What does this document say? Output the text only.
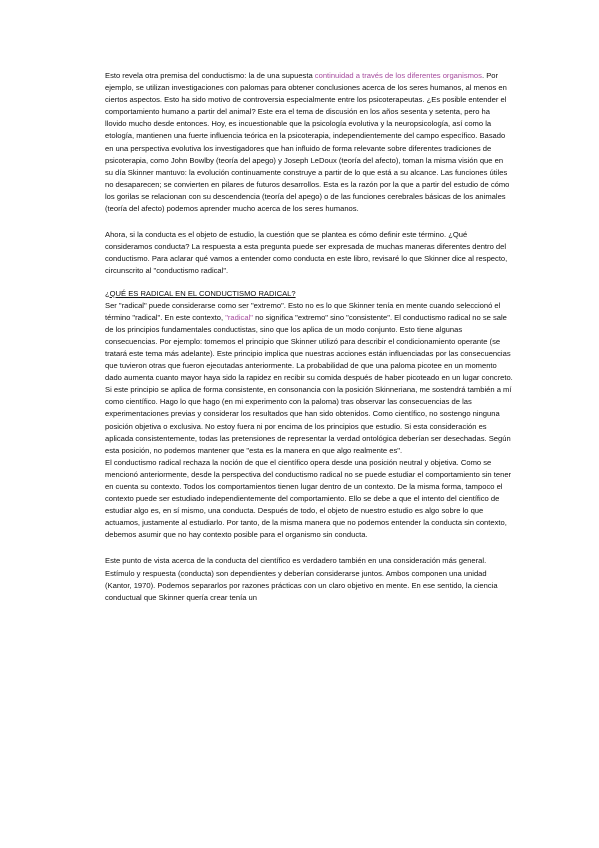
Esto revela otra premisa del conductismo: la de una supuesta continuidad a través de los diferentes organismos. Por ejemplo, se utilizan investigaciones con palomas para obtener conclusiones acerca de los seres humanos, al menos en ciertos aspectos. Esto ha sido motivo de controversia especialmente entre los psicoterapeutas. ¿Es posible entender el comportamiento humano a partir del animal? Este era el tema de discusión en los años sesenta y setenta, pero ha llovido mucho desde entonces. Hoy, es incuestionable que la psicología evolutiva y la neuropsicología, así como la etología, mantienen una fuerte influencia teórica en la psicoterapia, independientemente del campo específico. Basado en una perspectiva evolutiva los investigadores que han influido de forma relevante sobre diferentes tradiciones de psicoterapia, como John Bowlby (teoría del apego) y Joseph LeDoux (teoría del afecto), toman la misma visión que en su día Skinner mantuvo: la evolución continuamente construye a partir de lo que está a su alcance. Las funciones útiles no desaparecen; se convierten en pilares de futuros desarrollos. Esta es la razón por la que a partir del estudio de cómo los gorilas se relacionan con su descendencia (teoría del apego) o de las funciones cerebrales básicas de los animales (teoría del afecto) podemos aprender mucho acerca de los seres humanos.

Ahora, si la conducta es el objeto de estudio, la cuestión que se plantea es cómo definir este término. ¿Qué consideramos conducta? La respuesta a esta pregunta puede ser expresada de muchas maneras diferentes dentro del conductismo. Para aclarar qué vamos a entender como conducta en este libro, revisaré lo que Skinner dice al respecto, circunscrito al "conductismo radical".

¿QUÉ ES RADICAL EN EL CONDUCTISMO RADICAL?

Ser "radical" puede considerarse como ser "extremo". Esto no es lo que Skinner tenía en mente cuando seleccionó el término "radical". En este contexto, "radical" no significa "extremo" sino "consistente". El conductismo radical no se sale de los principios fundamentales conductistas, sino que los aplica de un modo conjunto. Esto tiene algunas consecuencias. Por ejemplo: tomemos el principio que Skinner utilizó para describir el condicionamiento operante (se tratará este tema más adelante). Este principio implica que nuestras acciones están influenciadas por las consecuencias que tuvieron otras que fueron ejecutadas anteriormente. La probabilidad de que una paloma picotee en un momento dado aumenta cuanto mayor haya sido la rapidez en recibir su comida después de haber picoteado en un lugar concreto. Si este principio se aplica de forma consistente, en consonancia con la posición Skinneriana, me sostendrá también a mí como científico. Hago lo que hago (en mi experimento con la paloma) tras observar las consecuencias de las experimentaciones previas y considerar los resultados que han sido obtenidos. Como científico, no sostengo ninguna posición objetiva o exclusiva. No estoy fuera ni por encima de los principios que estudio. Si esta consideración es aplicada consistentemente, todas las pretensiones de representar la verdad ontológica deberían ser desechadas. Según esta posición, no podemos mantener que "esta es la manera en que algo realmente es".

El conductismo radical rechaza la noción de que el científico opera desde una posición neutral y objetiva. Como se mencionó anteriormente, desde la perspectiva del conductismo radical no se puede estudiar el comportamiento sin tener en cuenta su contexto. Todos los comportamientos tienen lugar dentro de un contexto. De la misma forma, tampoco el contexto puede ser estudiado independientemente del comportamiento. Ello se debe a que el intento del científico de estudiar algo es, en sí mismo, una conducta. Después de todo, el objeto de nuestro estudio es algo sobre lo que actuamos, justamente al estudiarlo. Por tanto, de la misma manera que no podemos entender la conducta sin contexto, debemos asumir que no hay contexto posible para el organismo sin conducta.

Este punto de vista acerca de la conducta del científico es verdadero también en una consideración más general. Estímulo y respuesta (conducta) son dependientes y deberían considerarse juntos. Ambos componen una unidad (Kantor, 1970). Podemos separarlos por razones prácticas con un claro objetivo en mente. En ese sentido, la ciencia conductual que Skinner quería crear tenía un
